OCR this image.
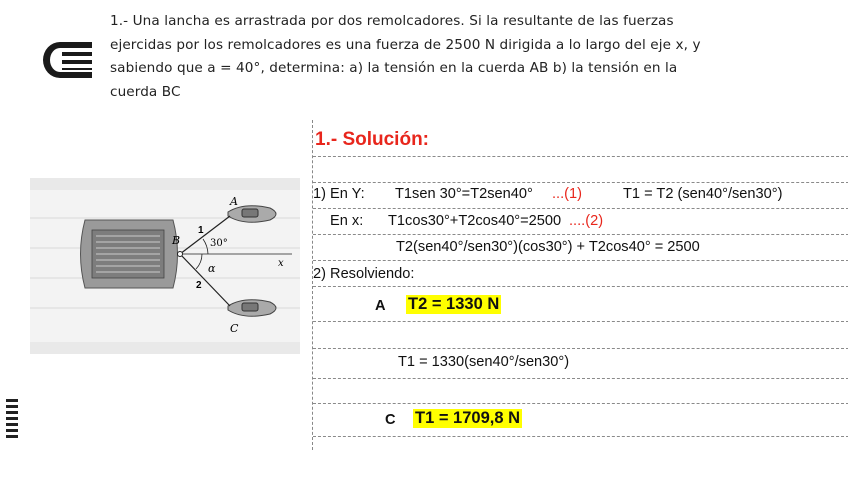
1.- Una lancha es arrastrada por dos remolcadores. Si la resultante de las fuerzas
ejercidas por los remolcadores es una fuerza de 2500 N dirigida a lo largo del eje x, y
sabiendo que a = 40°, determina: a) la tensión en la cuerda AB b) la tensión en la
cuerda BC
A
B
C
1
2
30°
α	x
1.- Solución:
1) En Y: T1sen 30°=T2sen40° ...(1)	T1 = T2 (sen40°/sen30°)
En x: T1cos30°+T2cos40°=2500 ....(2)
T2(sen40°/sen30°)(cos30°) + T2cos40° = 2500
2) Resolviendo:
A T2 = 1330 N
T1 = 1330(sen40°/sen30°)
C T1 = 1709,8 N
